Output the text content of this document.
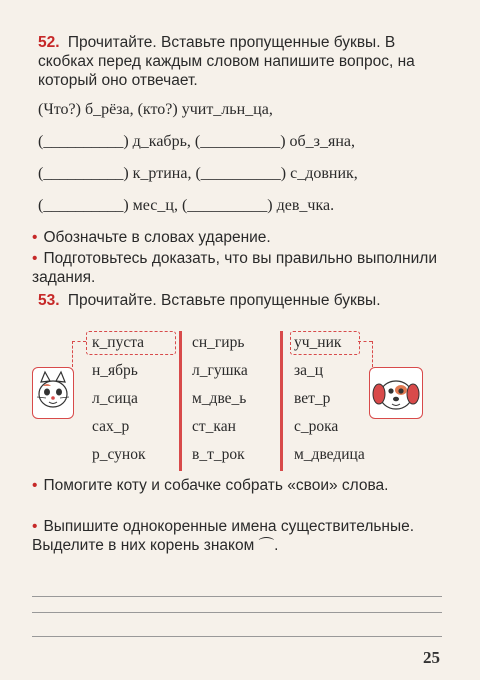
52. Прочитайте. Вставьте пропущенные буквы. В скобках перед каждым словом напишите вопрос, на который оно отвечает.
(Что?) б_рёза, (кто?) учит_льн_ца,
(__________) д_кабрь, (__________) об_з_яна,
(__________) к_ртина, (__________) с_довник,
(__________) мес_ц, (__________) дев_чка.
• Обозначьте в словах ударение.
• Подготовьтесь доказать, что вы правильно выполнили задания.
53. Прочитайте. Вставьте пропущенные буквы.
к_пуста
н_ябрь
л_сица
сах_р
р_сунок
сн_гирь
л_гушка
м_две_ь
ст_кан
в_т_рок
уч_ник
за_ц
вет_р
с_рока
м_дведица
• Помогите коту и собачке собрать «свои» слова.
• Выпишите однокоренные имена существительные. Выделите в них корень знаком ⌒.
25
